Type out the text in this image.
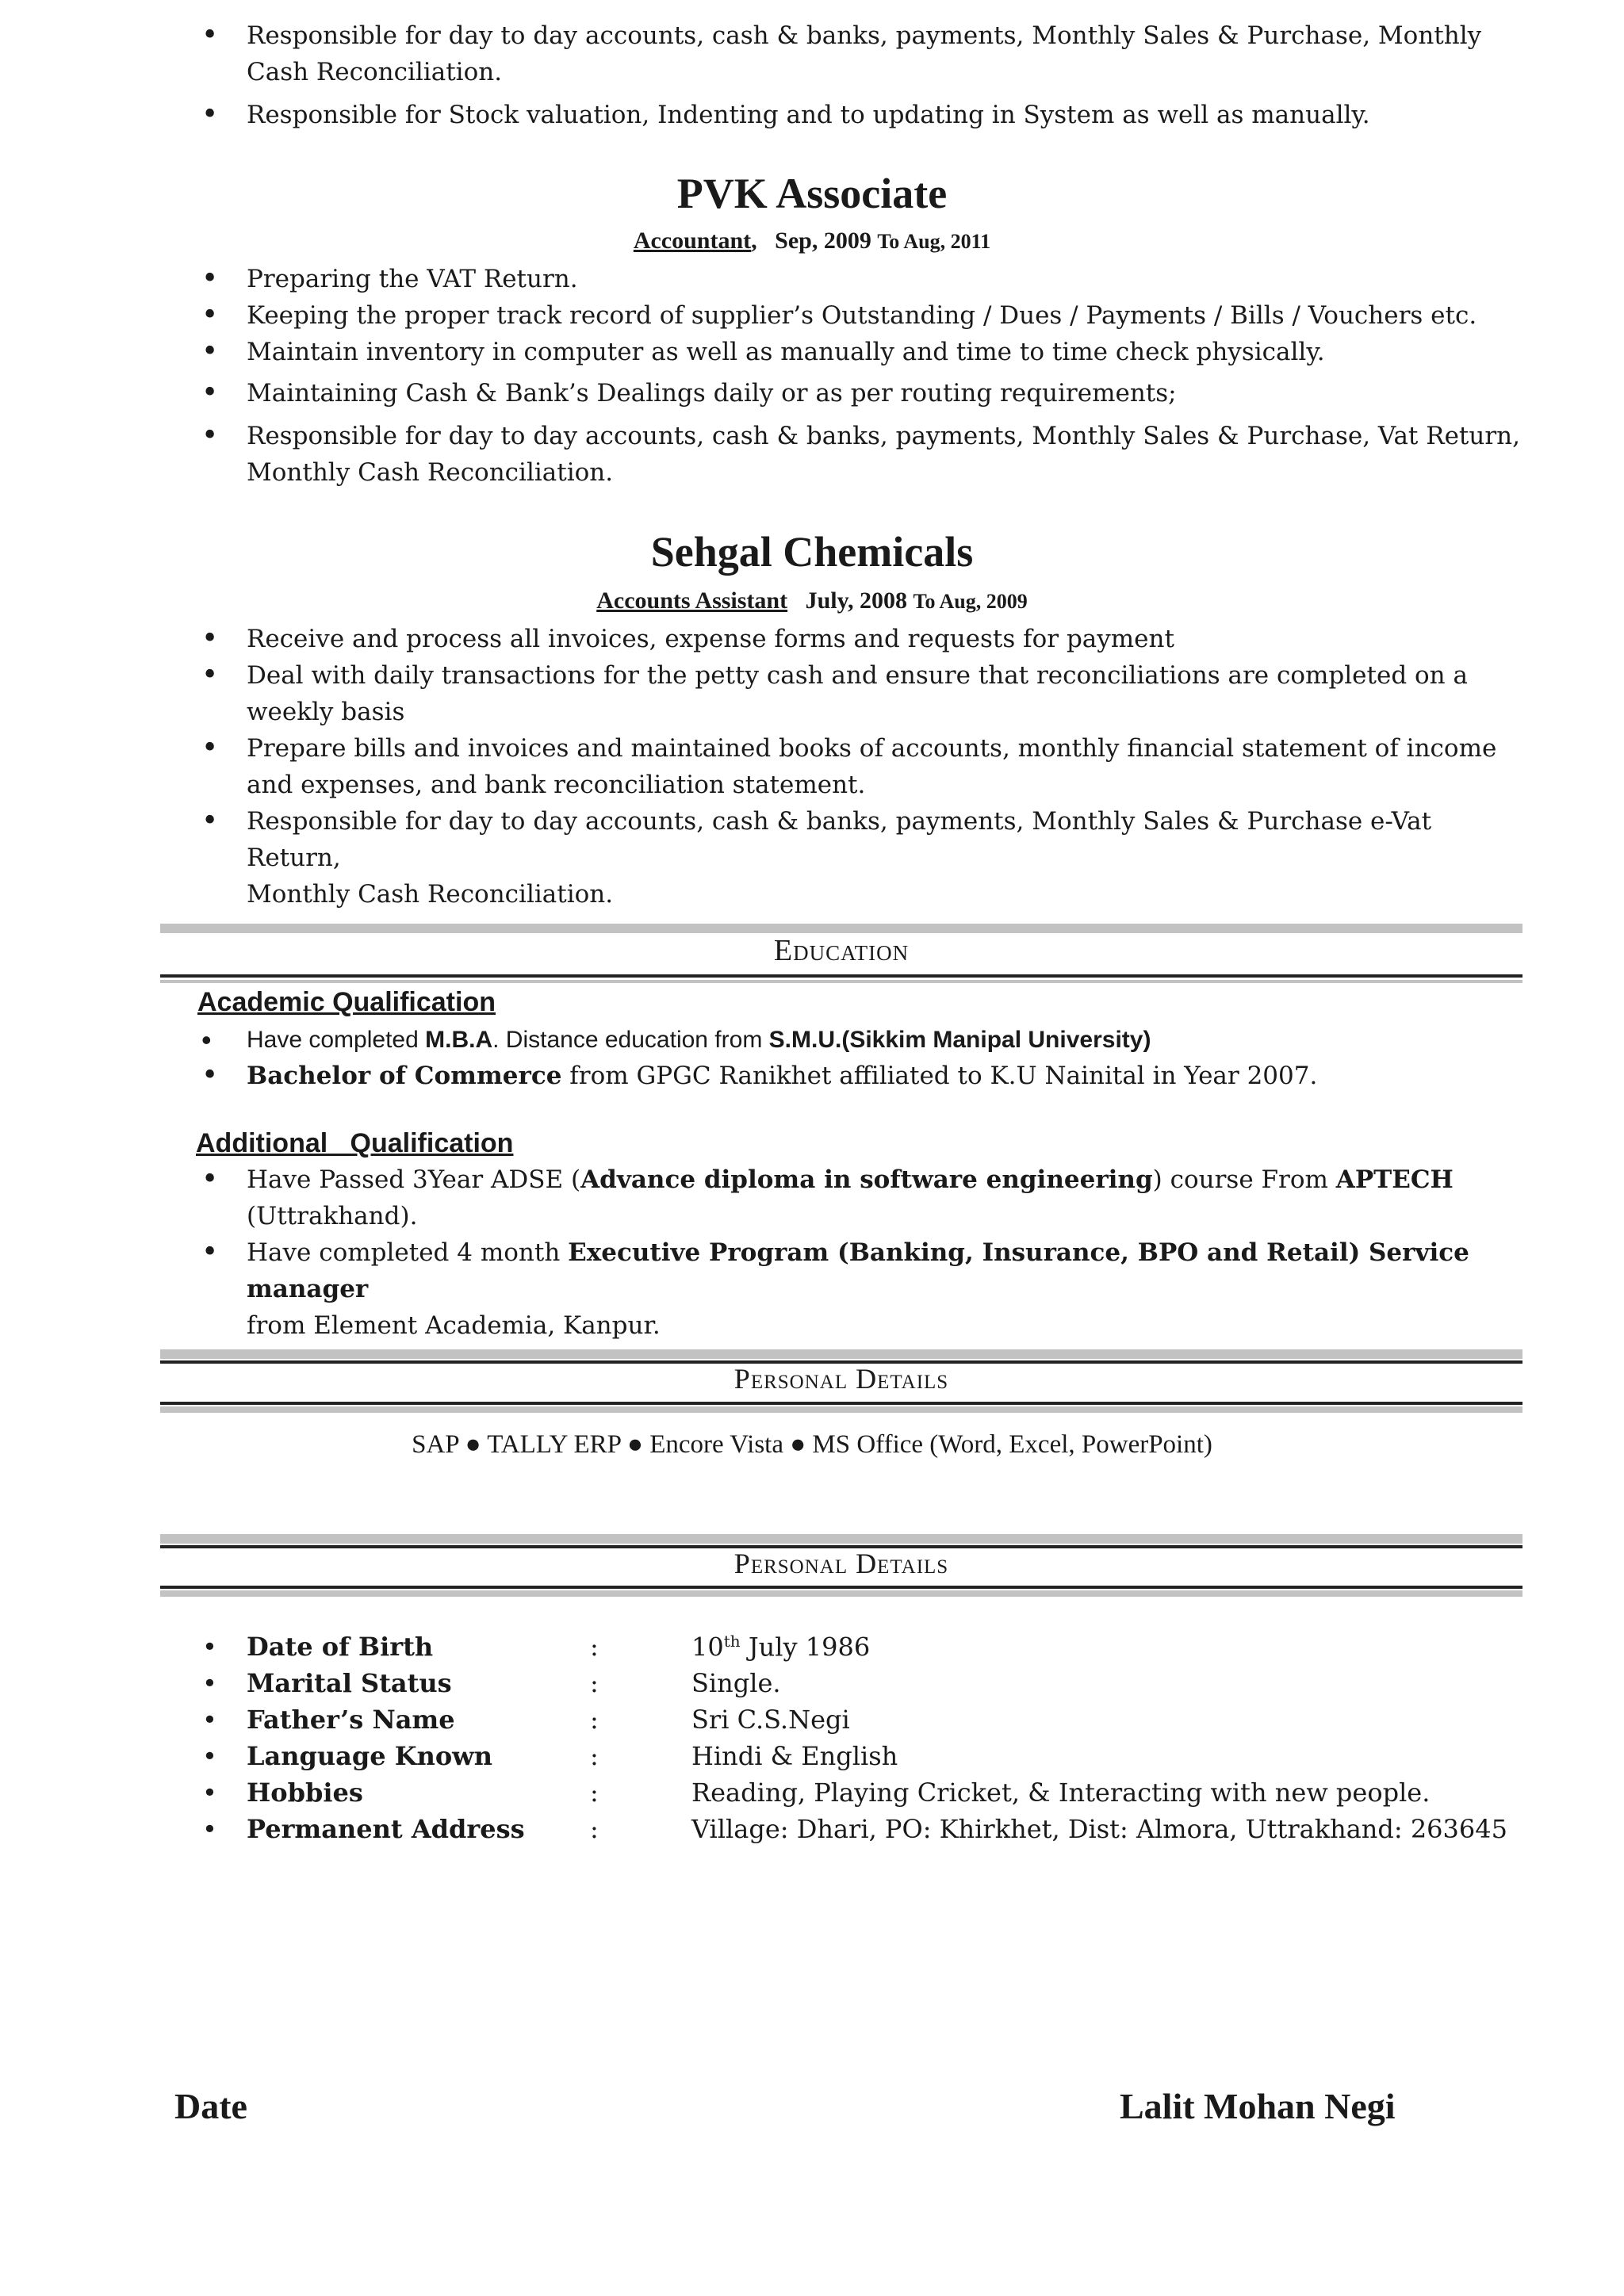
• Responsible for day to day accounts, cash & banks, payments, Monthly Sales & Purchase, Monthly
Cash Reconciliation.
• Responsible for Stock valuation, Indenting and to updating in System as well as manually.
PVK Associate
Accountant, Sep, 2009 To Aug, 2011
• Preparing the VAT Return.
• Keeping the proper track record of supplier’s Outstanding / Dues / Payments / Bills / Vouchers etc.
• Maintain inventory in computer as well as manually and time to time check physically.
• Maintaining Cash & Bank’s Dealings daily or as per routing requirements;
• Responsible for day to day accounts, cash & banks, payments, Monthly Sales & Purchase, Vat Return,
Monthly Cash Reconciliation.
Sehgal Chemicals
Accounts Assistant July, 2008 To Aug, 2009
• Receive and process all invoices, expense forms and requests for payment
• Deal with daily transactions for the petty cash and ensure that reconciliations are completed on a
weekly basis
• Prepare bills and invoices and maintained books of accounts, monthly financial statement of income
and expenses, and bank reconciliation statement.
• Responsible for day to day accounts, cash & banks, payments, Monthly Sales & Purchase e-Vat Return,
Monthly Cash Reconciliation.
Education
Academic Qualification
• Have completed M.B.A. Distance education from S.M.U.(Sikkim Manipal University)
• Bachelor of Commerce from GPGC Ranikhet affiliated to K.U Nainital in Year 2007.
Additional   Qualification
• Have Passed 3Year ADSE (Advance diploma in software engineering) course From APTECH
(Uttrakhand).
• Have completed 4 month Executive Program (Banking, Insurance, BPO and Retail) Service manager
from Element Academia, Kanpur.
Personal Details
SAP ● TALLY ERP ● Encore Vista ● MS Office (Word, Excel, PowerPoint)
Personal Details
• Date of Birth	:	10th July 1986
• Marital Status	:	Single.
• Father’s Name	:	Sri C.S.Negi
• Language Known	:	Hindi & English
• Hobbies	:	Reading, Playing Cricket, & Interacting with new people.
• Permanent Address	:	Village: Dhari, PO: Khirkhet, Dist: Almora, Uttrakhand: 263645
Date	Lalit Mohan Negi
